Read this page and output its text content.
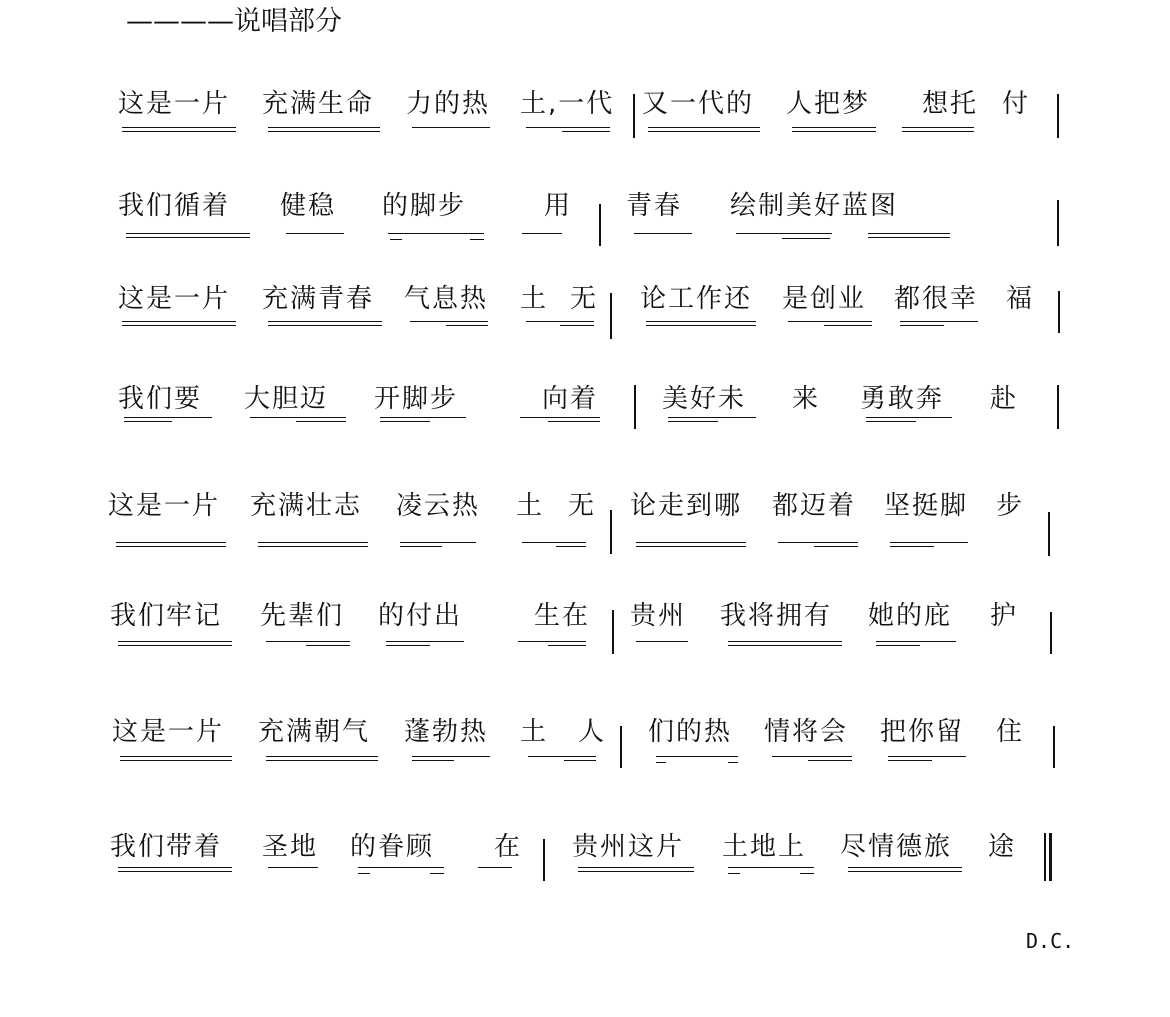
————说唱部分
这是一片 充满生命 力的热 土,一代 又一代的 人把梦 想托 付
我们循着 健稳 的脚步	用 青春 绘制美好蓝图
这是一片 充满青春 气息热 土 无 论工作还 是创业 都很幸 福
我们要 大胆迈 开脚步	向着 美好未 来 勇敢奔 赴
这是一片 充满壮志 凌云热 土 无 论走到哪 都迈着 坚挺脚 步
我们牢记 先辈们 的付出	生在 贵州 我将拥有 她的庇 护
这是一片 充满朝气 蓬勃热 土 人 们的热 情将会 把你留 住
我们带着 圣地 的眷顾 在 贵州这片 土地上 尽情德旅 途
D.C.
